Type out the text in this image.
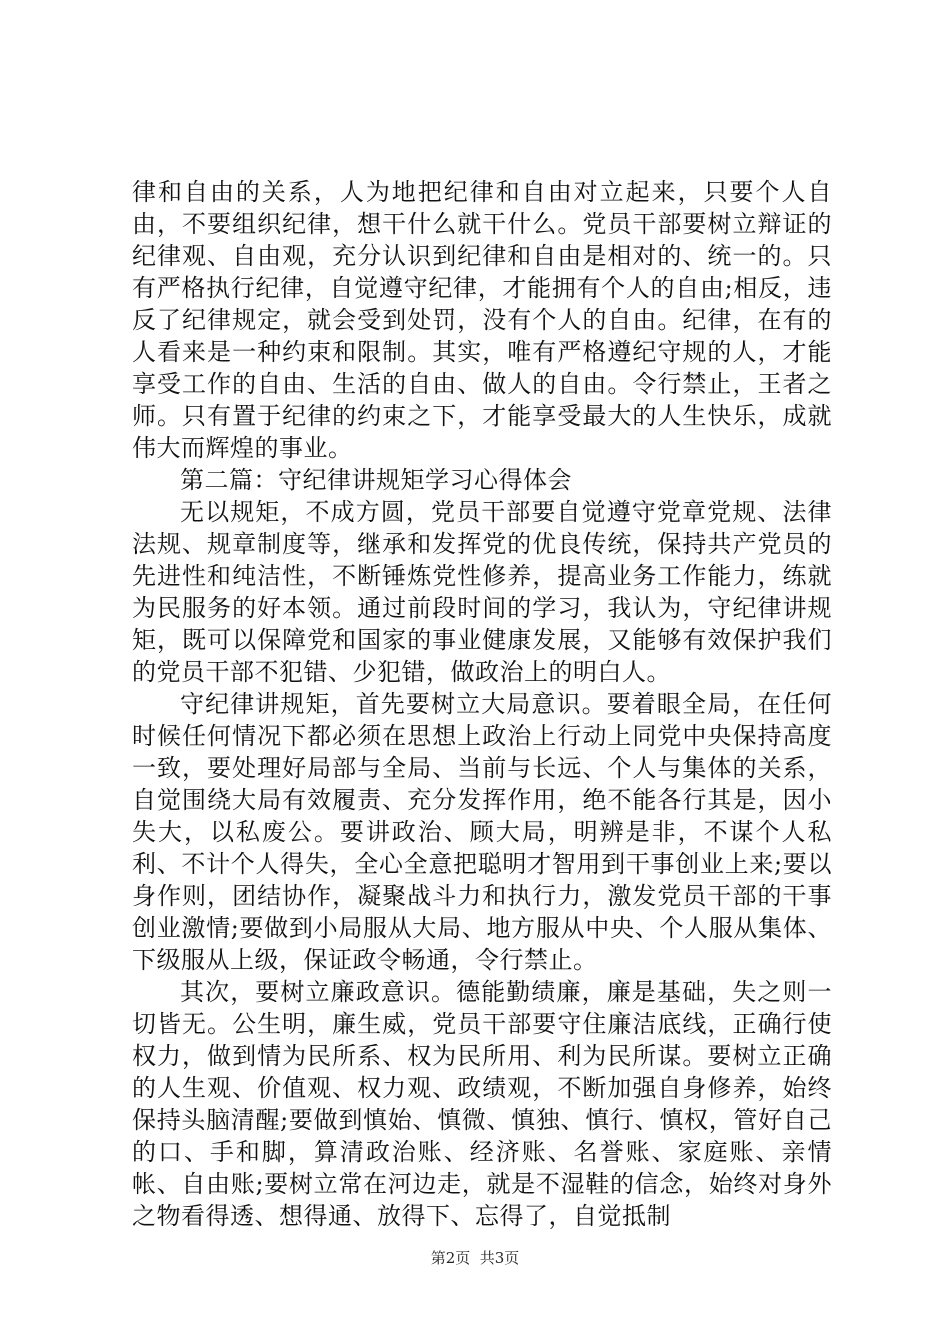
律和自由的关系，人为地把纪律和自由对立起来，只要个人自由，不要组织纪律，想干什么就干什么。党员干部要树立辩证的纪律观、自由观，充分认识到纪律和自由是相对的、统一的。只有严格执行纪律，自觉遵守纪律，才能拥有个人的自由;相反，违反了纪律规定，就会受到处罚，没有个人的自由。纪律，在有的人看来是一种约束和限制。其实，唯有严格遵纪守规的人，才能享受工作的自由、生活的自由、做人的自由。令行禁止，王者之师。只有置于纪律的约束之下，才能享受最大的人生快乐，成就伟大而辉煌的事业。

第二篇：守纪律讲规矩学习心得体会

无以规矩，不成方圆，党员干部要自觉遵守党章党规、法律法规、规章制度等，继承和发挥党的优良传统，保持共产党员的先进性和纯洁性，不断锤炼党性修养，提高业务工作能力，练就为民服务的好本领。通过前段时间的学习，我认为，守纪律讲规矩，既可以保障党和国家的事业健康发展，又能够有效保护我们的党员干部不犯错、少犯错，做政治上的明白人。

守纪律讲规矩，首先要树立大局意识。要着眼全局，在任何时候任何情况下都必须在思想上政治上行动上同党中央保持高度一致，要处理好局部与全局、当前与长远、个人与集体的关系，自觉围绕大局有效履责、充分发挥作用，绝不能各行其是，因小失大，以私废公。要讲政治、顾大局，明辨是非，不谋个人私利、不计个人得失，全心全意把聪明才智用到干事创业上来;要以身作则，团结协作，凝聚战斗力和执行力，激发党员干部的干事创业激情;要做到小局服从大局、地方服从中央、个人服从集体、下级服从上级，保证政令畅通，令行禁止。

其次，要树立廉政意识。德能勤绩廉，廉是基础，失之则一切皆无。公生明，廉生威，党员干部要守住廉洁底线，正确行使权力，做到情为民所系、权为民所用、利为民所谋。要树立正确的人生观、价值观、权力观、政绩观，不断加强自身修养，始终保持头脑清醒;要做到慎始、慎微、慎独、慎行、慎权，管好自己的口、手和脚，算清政治账、经济账、名誉账、家庭账、亲情帐、自由账;要树立常在河边走，就是不湿鞋的信念，始终对身外之物看得透、想得通、放得下、忘得了，自觉抵制

第2页  共3页
